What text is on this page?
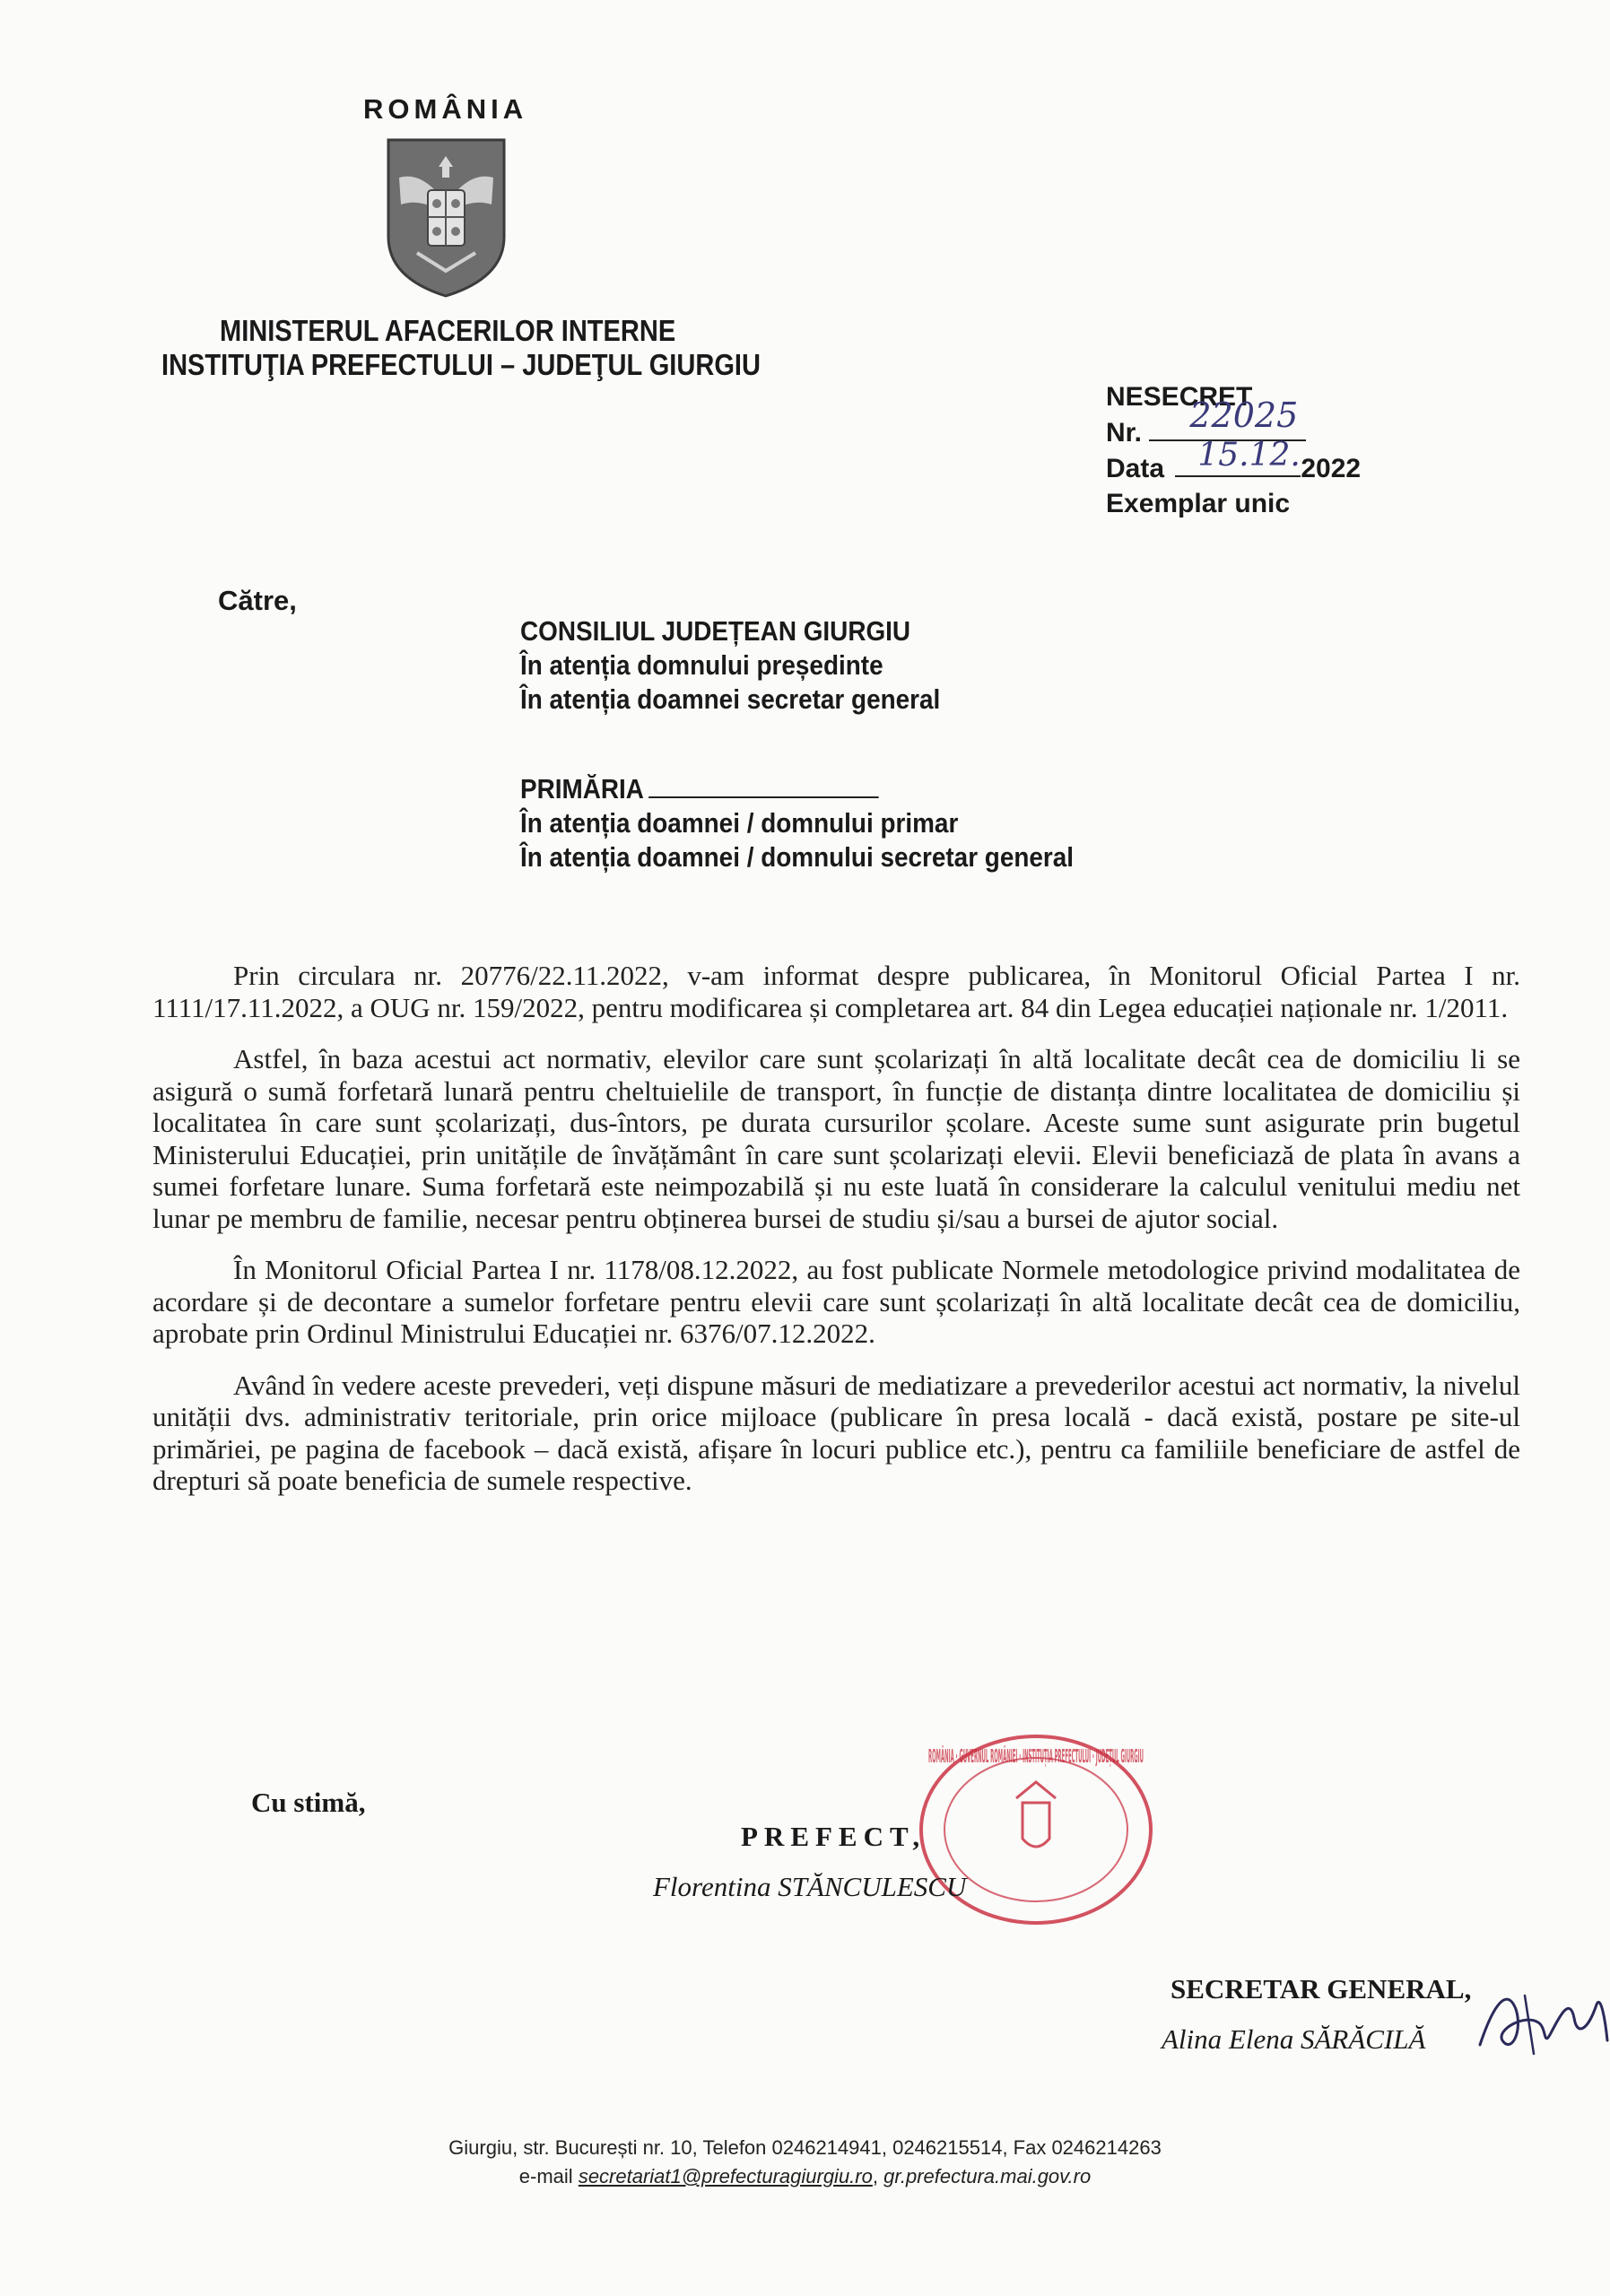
ROMÂNIA
MINISTERUL AFACERILOR INTERNE
INSTITUŢIA PREFECTULUI – JUDEŢUL GIURGIU
NESECRET
Nr. 22025
Data 15.12. 2022
Exemplar unic
Către,
CONSILIUL JUDEȚEAN GIURGIU
În atenția domnului președinte
În atenția doamnei secretar general
PRIMĂRIA
În atenția doamnei / domnului primar
În atenția doamnei / domnului secretar general

Prin circulara nr. 20776/22.11.2022, v-am informat despre publicarea, în Monitorul Oficial Partea I nr. 1111/17.11.2022, a OUG nr. 159/2022, pentru modificarea și completarea art. 84 din Legea educației naționale nr. 1/2011.

Astfel, în baza acestui act normativ, elevilor care sunt școlarizați în altă localitate decât cea de domiciliu li se asigură o sumă forfetară lunară pentru cheltuielile de transport, în funcție de distanța dintre localitatea de domiciliu și localitatea în care sunt școlarizați, dus-întors, pe durata cursurilor școlare. Aceste sume sunt asigurate prin bugetul Ministerului Educației, prin unitățile de învățământ în care sunt școlarizați elevii. Elevii beneficiază de plata în avans a sumei forfetare lunare. Suma forfetară este neimpozabilă și nu este luată în considerare la calculul venitului mediu net lunar pe membru de familie, necesar pentru obținerea bursei de studiu și/sau a bursei de ajutor social.

În Monitorul Oficial Partea I nr. 1178/08.12.2022, au fost publicate Normele metodologice privind modalitatea de acordare și de decontare a sumelor forfetare pentru elevii care sunt școlarizați în altă localitate decât cea de domiciliu, aprobate prin Ordinul Ministrului Educației nr. 6376/07.12.2022.

Având în vedere aceste prevederi, veți dispune măsuri de mediatizare a prevederilor acestui act normativ, la nivelul unității dvs. administrativ teritoriale, prin orice mijloace (publicare în presa locală - dacă există, postare pe site-ul primăriei, pe pagina de facebook – dacă există, afișare în locuri publice etc.), pentru ca familiile beneficiare de astfel de drepturi să poate beneficia de sumele respective.

Cu stimă,
ROMÂNIA · GUVERNUL ROMÂNIEI · INSTITUȚIA PREFECTULUI · JUDEȚUL GIURGIU
PREFECT,
Florentina STĂNCULESCU
SECRETAR GENERAL,
Alina Elena SĂRĂCILĂ
Giurgiu, str. București nr. 10, Telefon 0246214941, 0246215514, Fax 0246214263
e-mail secretariat1@prefecturagiurgiu.ro, gr.prefectura.mai.gov.ro
